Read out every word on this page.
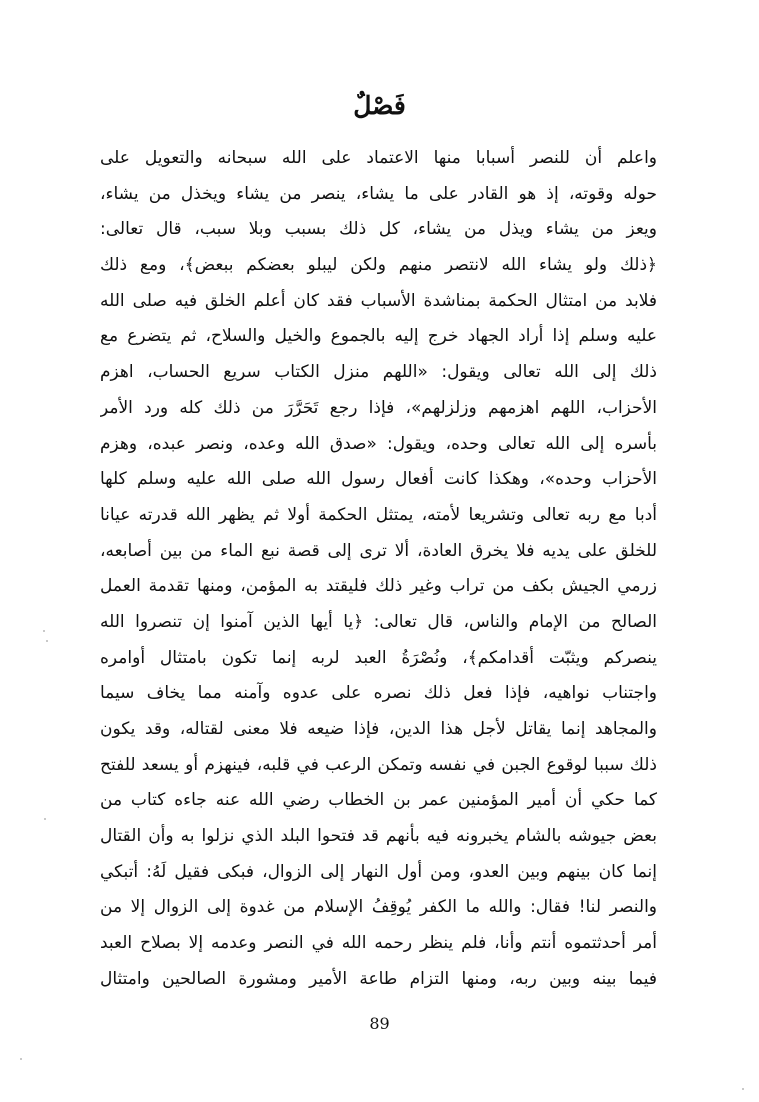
فَصْلٌ
واعلم أن للنصر أسبابا منها الاعتماد على الله سبحانه والتعويل على
حوله وقوته، إذ هو القادر على ما يشاء، ينصر من يشاء ويخذل من يشاء،
ويعز من يشاء ويذل من يشاء، كل ذلك بسبب وبلا سبب، قال تعالى:
﴿ذلك ولو يشاء الله لانتصر منهم ولكن ليبلو بعضكم ببعض﴾، ومع ذلك
فلابد من امتثال الحكمة بمناشدة الأسباب فقد كان أعلم الخلق فيه صلى الله
عليه وسلم إذا أراد الجهاد خرج إليه بالجموع والخيل والسلاح، ثم يتضرع مع
ذلك إلى الله تعالى ويقول: «اللهم منزل الكتاب سريع الحساب، اهزم
الأحزاب، اللهم اهزمهم وزلزلهم»، فإذا رجع تَحَرَّرَ من ذلك كله ورد الأمر
بأسره إلى الله تعالى وحده، ويقول: «صدق الله وعده، ونصر عبده، وهزم
الأحزاب وحده»، وهكذا كانت أفعال رسول الله صلى الله عليه وسلم كلها
أدبا مع ربه تعالى وتشريعا لأمته، يمتثل الحكمة أولا ثم يظهر الله قدرته عيانا
للخلق على يديه فلا يخرق العادة، ألا ترى إلى قصة نبع الماء من بين أصابعه،
زرمي الجيش بكف من تراب وغير ذلك فليقتد به المؤمن، ومنها تقدمة العمل
الصالح من الإمام والناس، قال تعالى: ﴿يا أيها الذين آمنوا إن تنصروا الله
ينصركم ويثبّت أقدامكم﴾، ونُصْرَةُ العبد لربه إنما تكون بامتثال أوامره
واجتناب نواهيه، فإذا فعل ذلك نصره على عدوه وآمنه مما يخاف سيما
والمجاهد إنما يقاتل لأجل هذا الدين، فإذا ضيعه فلا معنى لقتاله، وقد يكون
ذلك سببا لوقوع الجبن في نفسه وتمكن الرعب في قلبه، فينهزم أو يسعد للفتح
كما حكي أن أمير المؤمنين عمر بن الخطاب رضي الله عنه جاءه كتاب من
بعض جيوشه بالشام يخبرونه فيه بأنهم قد فتحوا البلد الذي نزلوا به وأن القتال
إنما كان بينهم وبين العدو، ومن أول النهار إلى الزوال، فبكى فقيل لَهُ: أتبكي
والنصر لنا! فقال: والله ما الكفر يُوقِفُ الإسلام من غدوة إلى الزوال إلا من
أمر أحدثتموه أنتم وأنا، فلم ينظر رحمه الله في النصر وعدمه إلا بصلاح العبد
فيما بينه وبين ربه، ومنها التزام طاعة الأمير ومشورة الصالحين وامتثال
89
